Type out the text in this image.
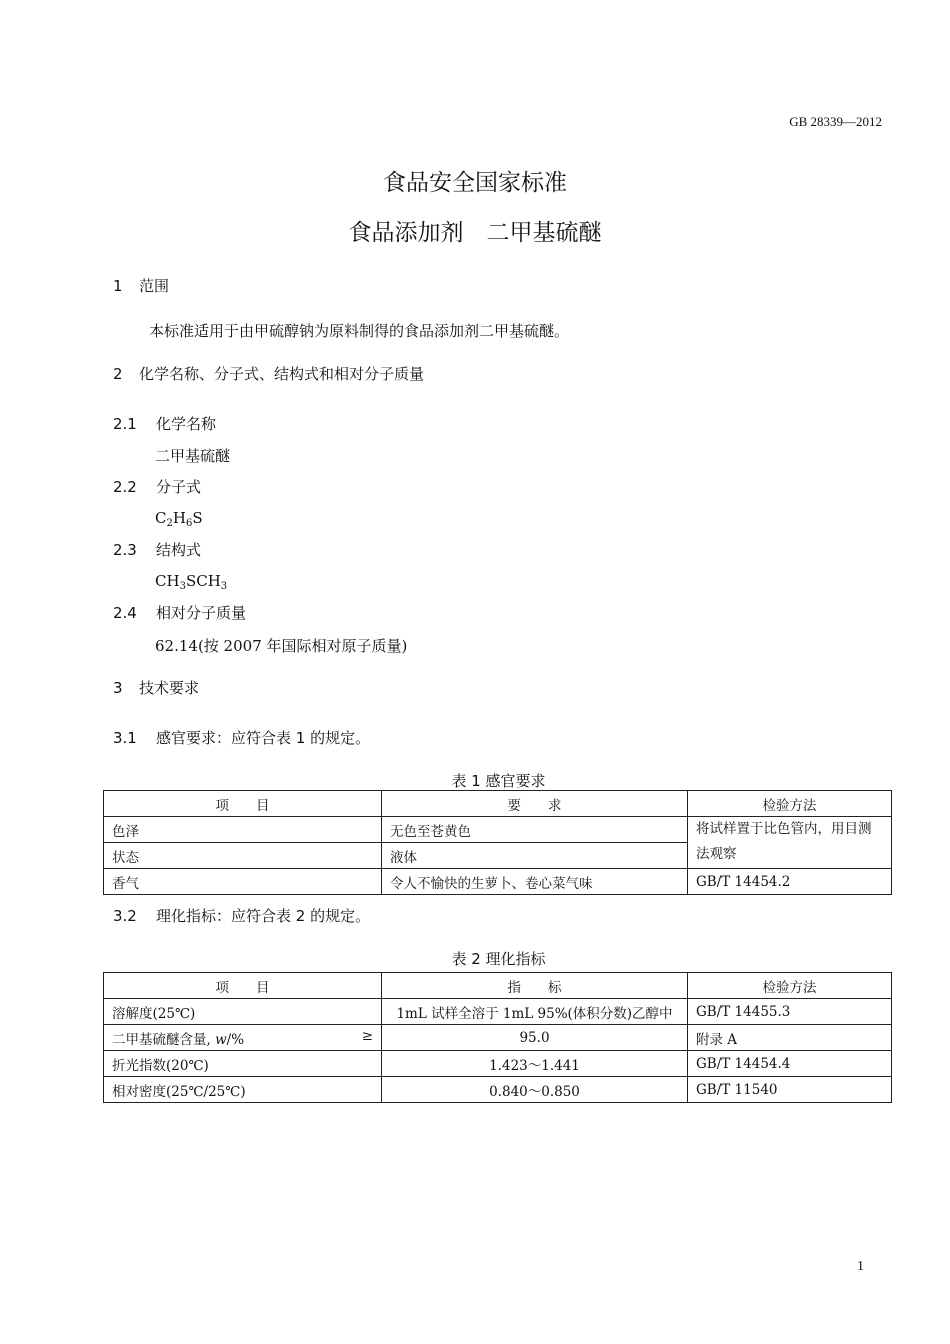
GB 28339—2012
食品安全国家标准
食品添加剂　二甲基硫醚
1 范围
本标准适用于由甲硫醇钠为原料制得的食品添加剂二甲基硫醚。
2 化学名称、分子式、结构式和相对分子质量
2.1 化学名称
二甲基硫醚
2.2 分子式
$C_2H_6S$
2.3 结构式
$CH_3SCH_3$
2.4 相对分子质量
62.14(按 2007 年国际相对原子质量)
3 技术要求
3.1 感官要求：应符合表 1 的规定。
表 1 感官要求
项　　目	要　　求	检验方法
色泽	无色至苍黄色	将试样置于比色管内，用目测法观察
状态	液体	
香气	令人不愉快的生萝卜、卷心菜气味	GB/T 14454.2
3.2 理化指标：应符合表 2 的规定。
表 2 理化指标
项　　目	指　　标	检验方法
溶解度(25℃)	1mL 试样全溶于 1mL 95%(体积分数)乙醇中	GB/T 14455.3
二甲基硫醚含量, w/% ≥	95.0	附录 A
折光指数(20℃)	1.423～1.441	GB/T 14454.4
相对密度(25℃/25℃)	0.840～0.850	GB/T 11540
1
